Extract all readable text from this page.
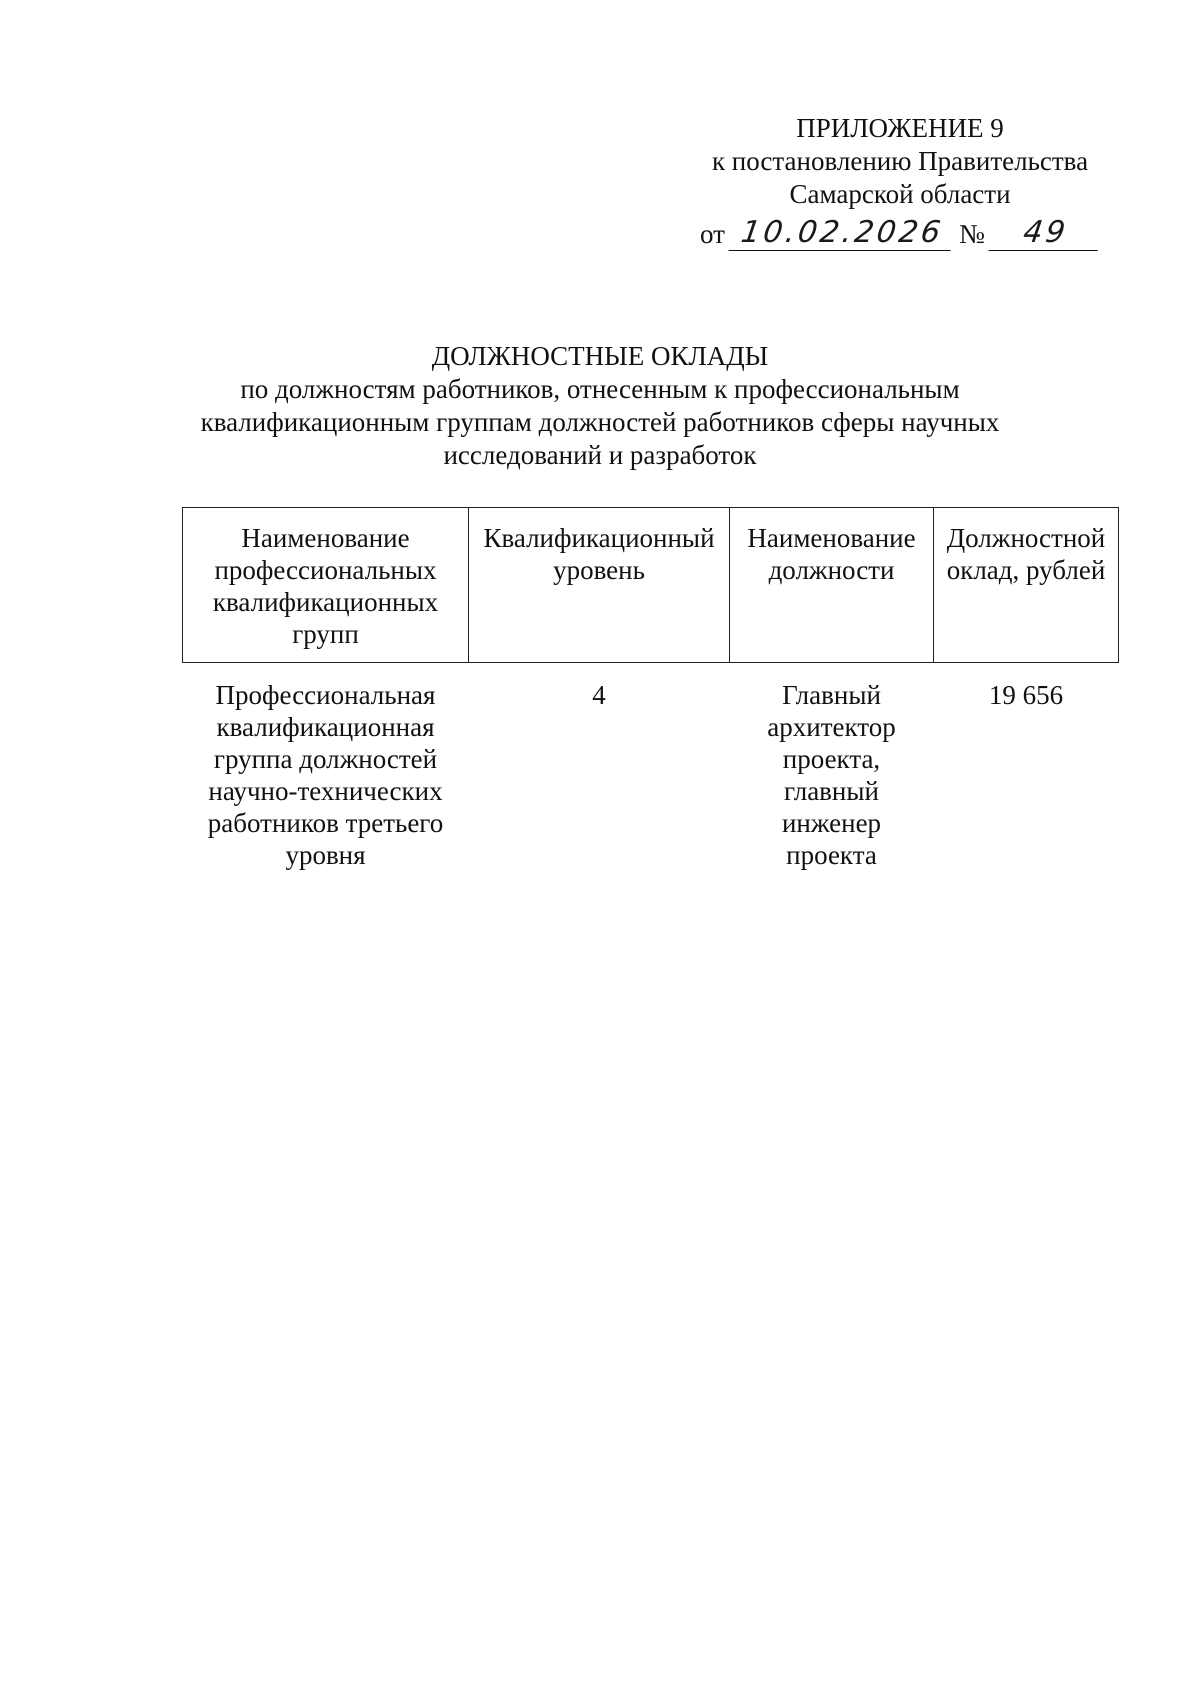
ПРИЛОЖЕНИЕ 9
к постановлению Правительства
Самарской области
от 10.02.2026 №	49
ДОЛЖНОСТНЫЕ ОКЛАДЫ
по должностям работников, отнесенным к профессиональным
квалификационным группам должностей работников сферы научных
исследований и разработок
Наименование профессиональных квалификационных групп	Квалификационный уровень	Наименование должности	Должностной оклад, рублей

Профессиональная квалификационная группа должностей научно-технических работников третьего уровня	4	Главный архитектор проекта, главный инженер проекта	19 656
